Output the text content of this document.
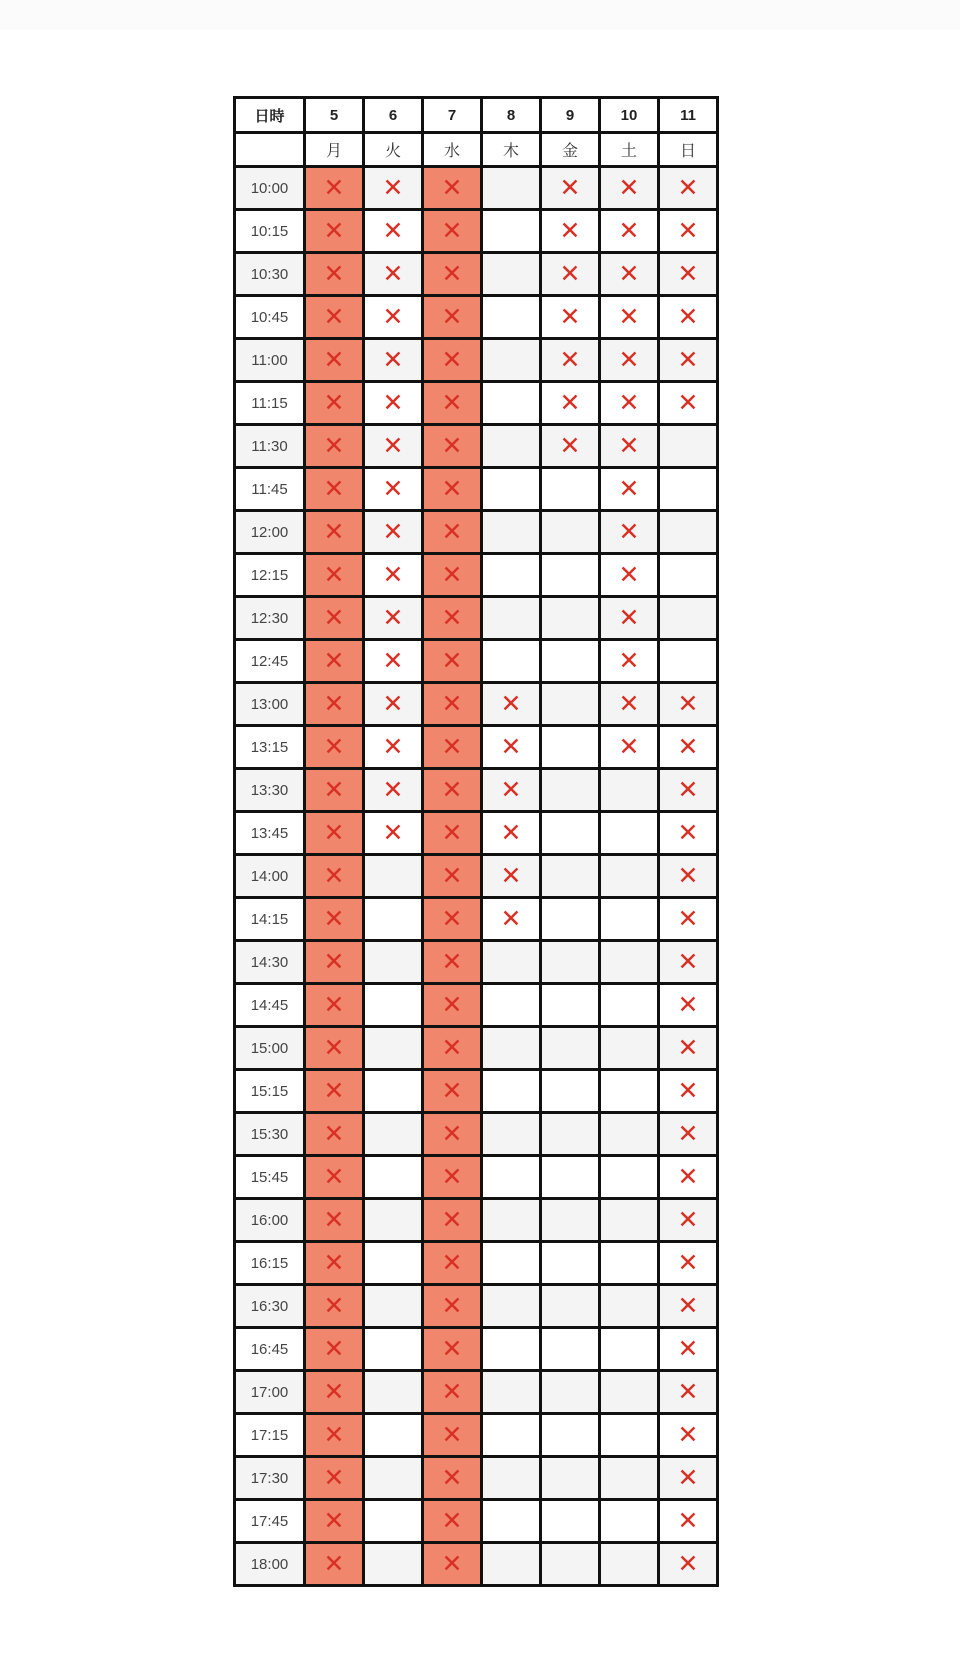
日時	5	6	7	8	9	10	11
	月	火	水	木	金	土	日
10:00	✕	✕	✕		✕	✕	✕
10:15	✕	✕	✕		✕	✕	✕
10:30	✕	✕	✕		✕	✕	✕
10:45	✕	✕	✕		✕	✕	✕
11:00	✕	✕	✕		✕	✕	✕
11:15	✕	✕	✕		✕	✕	✕
11:30	✕	✕	✕		✕	✕	
11:45	✕	✕	✕			✕	
12:00	✕	✕	✕			✕	
12:15	✕	✕	✕			✕	
12:30	✕	✕	✕			✕	
12:45	✕	✕	✕			✕	
13:00	✕	✕	✕	✕		✕	✕
13:15	✕	✕	✕	✕		✕	✕
13:30	✕	✕	✕	✕			✕
13:45	✕	✕	✕	✕			✕
14:00	✕		✕	✕			✕
14:15	✕		✕	✕			✕
14:30	✕		✕				✕
14:45	✕		✕				✕
15:00	✕		✕				✕
15:15	✕		✕				✕
15:30	✕		✕				✕
15:45	✕		✕				✕
16:00	✕		✕				✕
16:15	✕		✕				✕
16:30	✕		✕				✕
16:45	✕		✕				✕
17:00	✕		✕				✕
17:15	✕		✕				✕
17:30	✕		✕				✕
17:45	✕		✕				✕
18:00	✕		✕				✕
